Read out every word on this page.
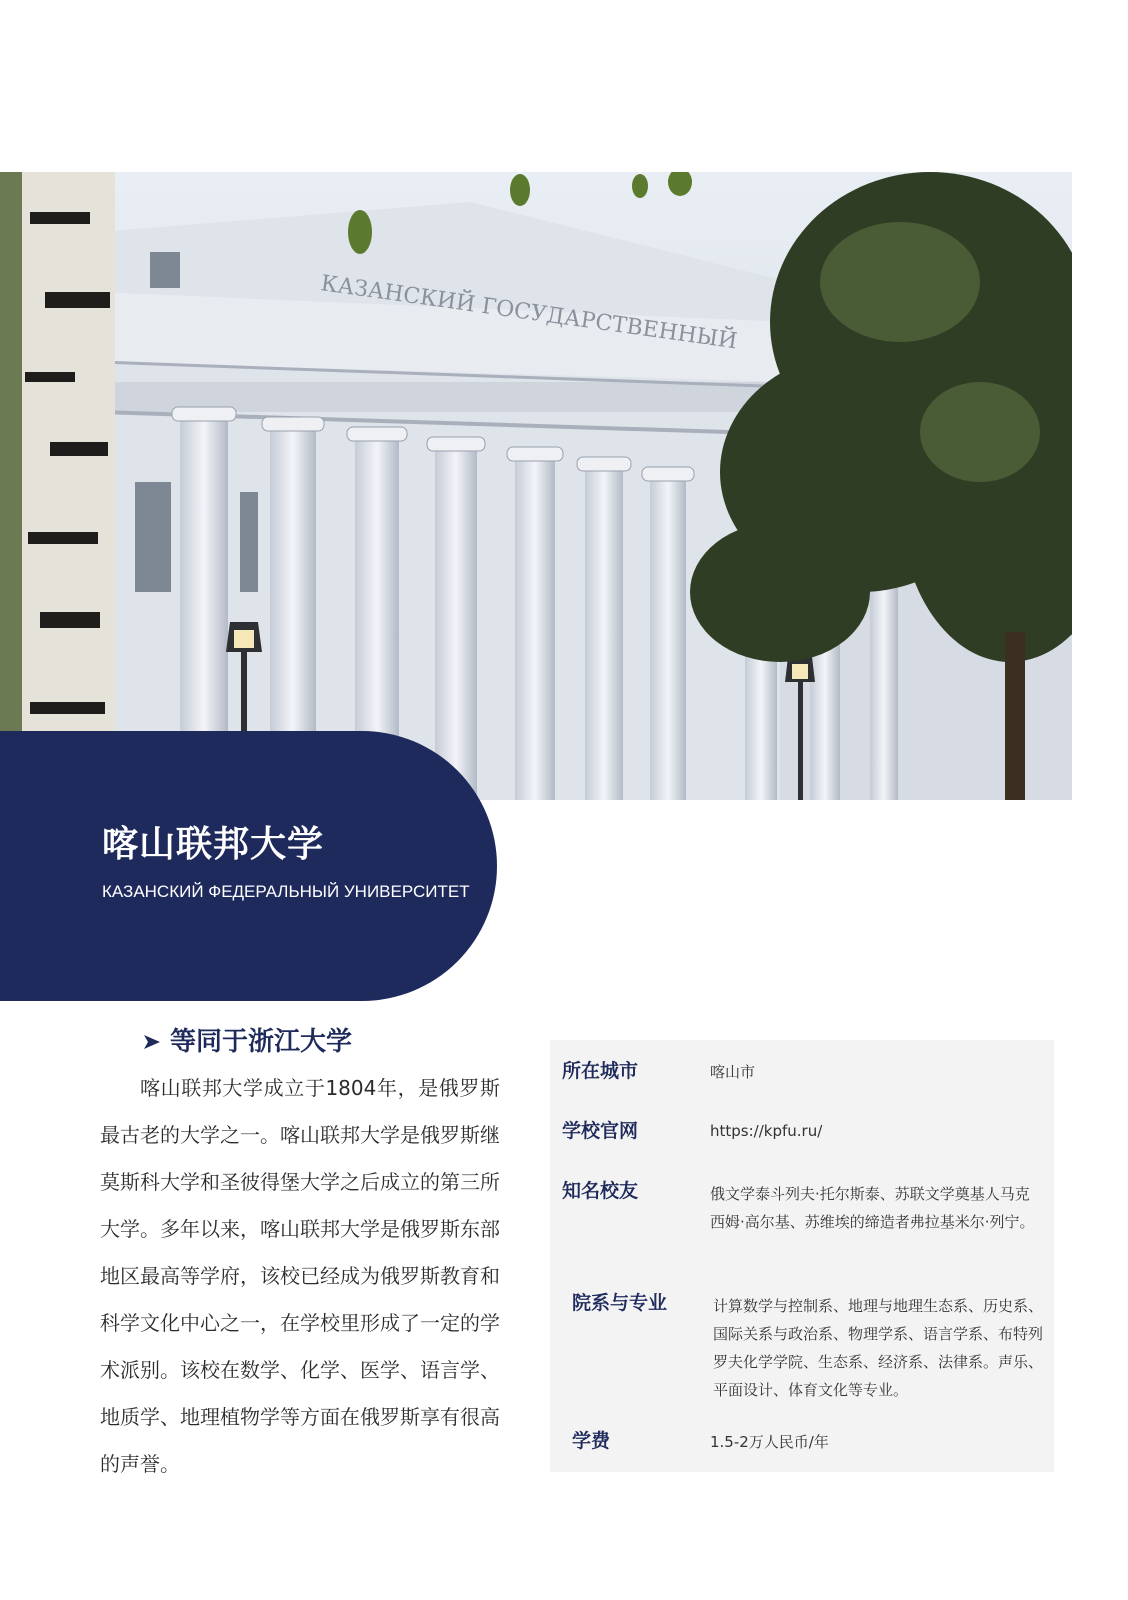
КАЗАНСКИЙ ГОСУДАРСТВЕННЫЙ
喀山联邦大学
КАЗАНСКИЙ ФЕДЕРАЛЬНЫЙ УНИВЕРСИТЕТ
等同于浙江大学

喀山联邦大学成立于1804年，是俄罗斯最古老的大学之一。喀山联邦大学是俄罗斯继莫斯科大学和圣彼得堡大学之后成立的第三所大学。多年以来，喀山联邦大学是俄罗斯东部地区最高等学府，该校已经成为俄罗斯教育和科学文化中心之一，在学校里形成了一定的学术派别。该校在数学、化学、医学、语言学、地质学、地理植物学等方面在俄罗斯享有很高的声誉。

所在城市	喀山市
学校官网	https://kpfu.ru/
知名校友	俄文学泰斗列夫·托尔斯泰、苏联文学奠基人马克西姆·高尔基、苏维埃的缔造者弗拉基米尔·列宁。
院系与专业	计算数学与控制系、地理与地理生态系、历史系、国际关系与政治系、物理学系、语言学系、布特列罗夫化学学院、生态系、经济系、法律系。声乐、平面设计、体育文化等专业。
学费	1.5-2万人民币/年
